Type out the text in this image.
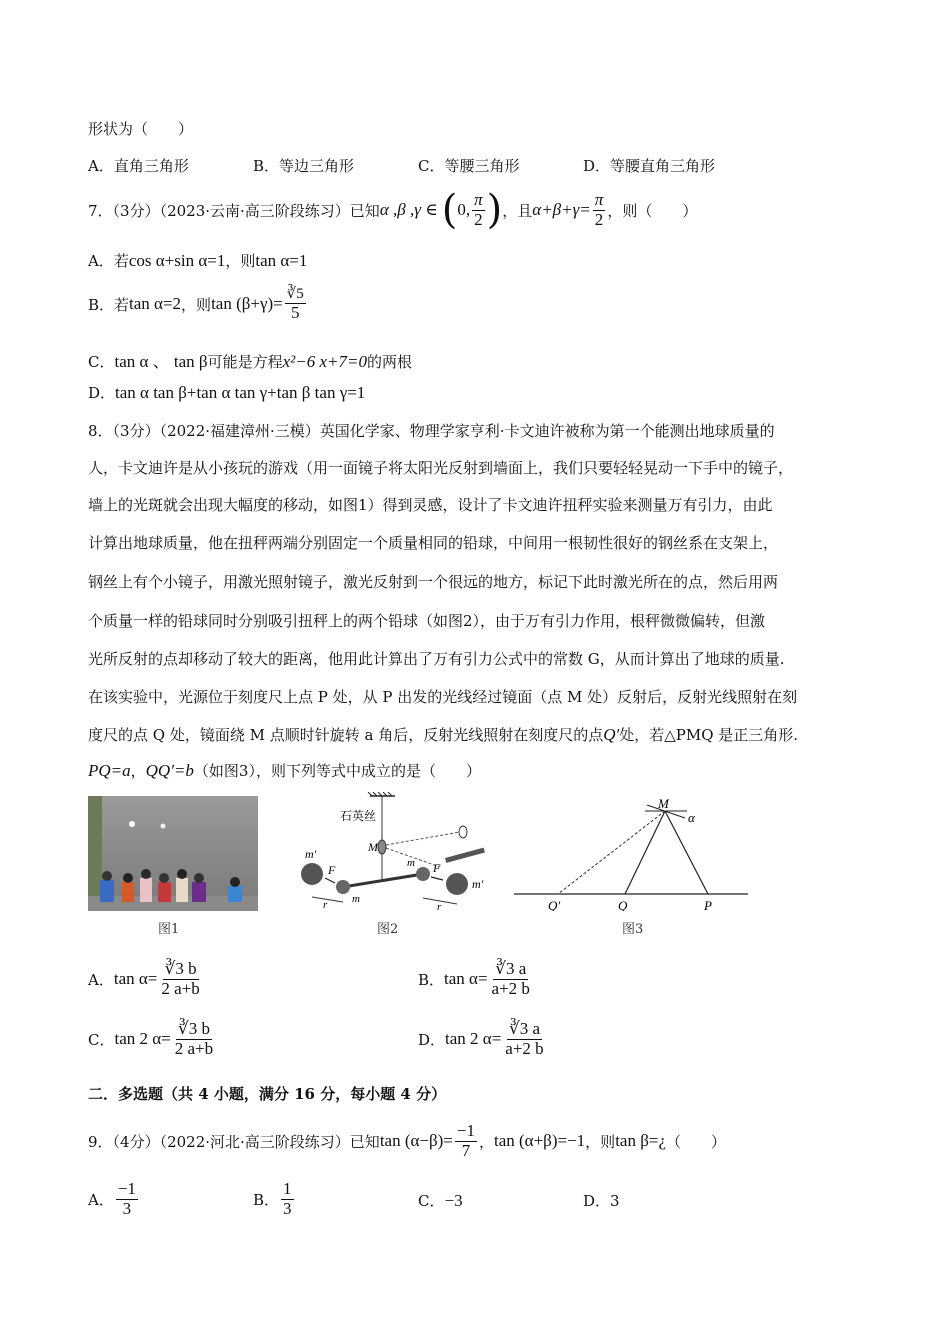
形状为（　　）
A．直角三角形	B．等边三角形	C．等腰三角形	D．等腰直角三角形
7．（3分）（2023·云南·高三阶段练习）已知 α ,β ,γ ∈ ( 0, $\frac{\pi}{2}$ ) ，且 $\alpha+\beta+\gamma= \frac{\pi}{2}$ ，则（　　）
A．若cos α+sin α=1，则tan α=1
B．若 tan α=2 ，则 $\tan (\beta+\gamma)= \frac{∛5}{5}$
C．tan α 、 tan β可能是方程x²−6 x+7=0的两根
D．tan α tan β+tan α tan γ+tan β tan γ=1
8．（3分）（2022·福建漳州·三模）英国化学家、物理学家亨利·卡文迪许被称为第一个能测出地球质量的
人，卡文迪许是从小孩玩的游戏（用一面镜子将太阳光反射到墙面上，我们只要轻轻晃动一下手中的镜子，
墙上的光斑就会出现大幅度的移动，如图1）得到灵感，设计了卡文迪许扭秤实验来测量万有引力，由此
计算出地球质量，他在扭秤两端分别固定一个质量相同的铅球，中间用一根韧性很好的钢丝系在支架上，
钢丝上有个小镜子，用激光照射镜子，激光反射到一个很远的地方，标记下此时激光所在的点，然后用两
个质量一样的铅球同时分别吸引扭秤上的两个铅球（如图2），由于万有引力作用，根秤微微偏转，但激
光所反射的点却移动了较大的距离，他用此计算出了万有引力公式中的常数 G，从而计算出了地球的质量.
在该实验中，光源位于刻度尺上点 P 处，从 P 出发的光线经过镜面（点 M 处）反射后，反射光线照射在刻
度尺的点 Q 处，镜面绕 M 点顺时针旋转 a 角后，反射光线照射在刻度尺的点Q′处，若△PMQ 是正三角形.
PQ=a，QQ′=b（如图3），则下列等式中成立的是（　　）
图1
石英丝
M
m′
F
m
r
m F
m′
r
图2
M
α
Q′	Q	P
图3
A． $\tan \alpha= \frac{∛3 b}{2 a+b}$	B． $\tan \alpha= \frac{∛3 a}{a+2 b}$
C． tan 2 $\alpha= \frac{∛3 b}{2 a+b}$	D． tan 2 $\alpha= \frac{∛3 a}{a+2 b}$
二．多选题（共 4 小题，满分 16 分，每小题 4 分）
9．（4分）（2022·河北·高三阶段练习）已知 $\tan (\alpha-\beta)= \frac{-1}{7}$ ， tan (α+β)=−1 ，则 tan β=¿ （　　）
A． $\frac{-1}{3}$	B． $\frac{1}{3}$	C．−3	D．3
